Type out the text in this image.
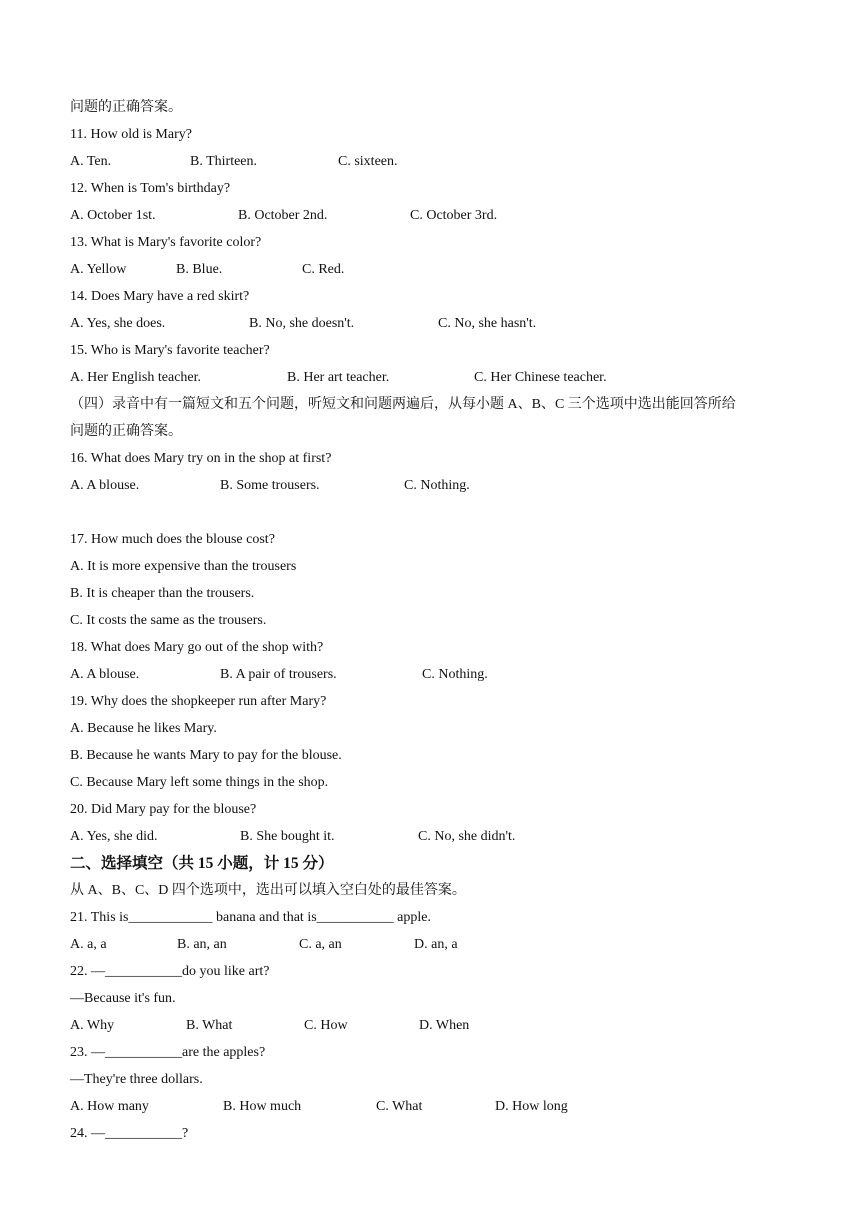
问题的正确答案。
11. How old is Mary?
A. Ten.	B. Thirteen.	C. sixteen.
12. When is Tom's birthday?
A. October 1st.	B. October 2nd.	C. October 3rd.
13. What is Mary's favorite color?
A. Yellow	B. Blue.	C. Red.
14. Does Mary have a red skirt?
A. Yes, she does.	B. No, she doesn't.	C. No, she hasn't.
15. Who is Mary's favorite teacher?
A. Her English teacher.	B. Her art teacher.	C. Her Chinese teacher.
（四）录音中有一篇短文和五个问题，听短文和问题两遍后，从每小题 A、B、C 三个选项中选出能回答所给
问题的正确答案。
16. What does Mary try on in the shop at first?
A. A blouse.	B. Some trousers.	C. Nothing.
17. How much does the blouse cost?
A. It is more expensive than the trousers
B. It is cheaper than the trousers.
C. It costs the same as the trousers.
18. What does Mary go out of the shop with?
A. A blouse.	B. A pair of trousers.	C. Nothing.
19. Why does the shopkeeper run after Mary?
A. Because he likes Mary.
B. Because he wants Mary to pay for the blouse.
C. Because Mary left some things in the shop.
20. Did Mary pay for the blouse?
A. Yes, she did.	B. She bought it.	C. No, she didn't.
二、选择填空（共 15 小题，计 15 分）
从 A、B、C、D 四个选项中，选出可以填入空白处的最佳答案。
21. This is____________ banana and that is___________ apple.
A. a, a	B. an, an	C. a, an	D. an, a
22. —___________do you like art?
—Because it's fun.
A. Why	B. What	C. How	D. When
23. —___________are the apples?
—They're three dollars.
A. How many	B. How much	C. What	D. How long
24. —___________?
